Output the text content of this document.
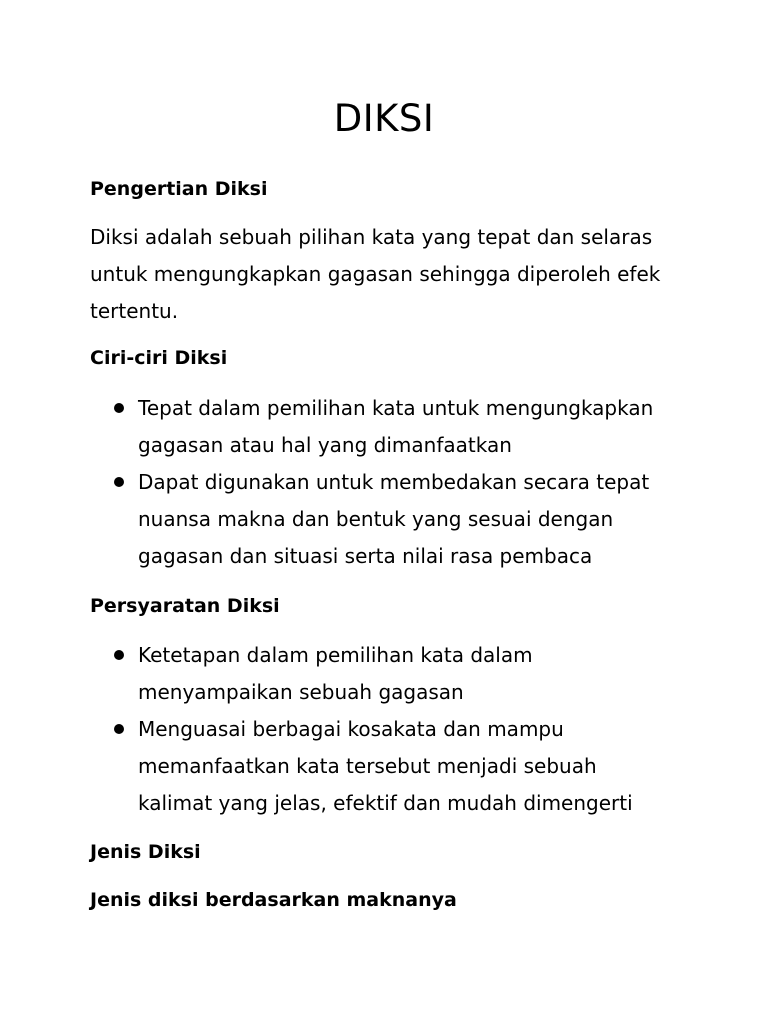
DIKSI
Pengertian Diksi

Diksi adalah sebuah pilihan kata yang tepat dan selaras
untuk mengungkapkan gagasan sehingga diperoleh efek
tertentu.

Ciri-ciri Diksi
Tepat dalam pemilihan kata untuk mengungkapkan
gagasan atau hal yang dimanfaatkan
Dapat digunakan untuk membedakan secara tepat
nuansa makna dan bentuk yang sesuai dengan
gagasan dan situasi serta nilai rasa pembaca
Persyaratan Diksi
Ketetapan dalam pemilihan kata dalam
menyampaikan sebuah gagasan
Menguasai berbagai kosakata dan mampu
memanfaatkan kata tersebut menjadi sebuah
kalimat yang jelas, efektif dan mudah dimengerti
Jenis Diksi
Jenis diksi berdasarkan maknanya
